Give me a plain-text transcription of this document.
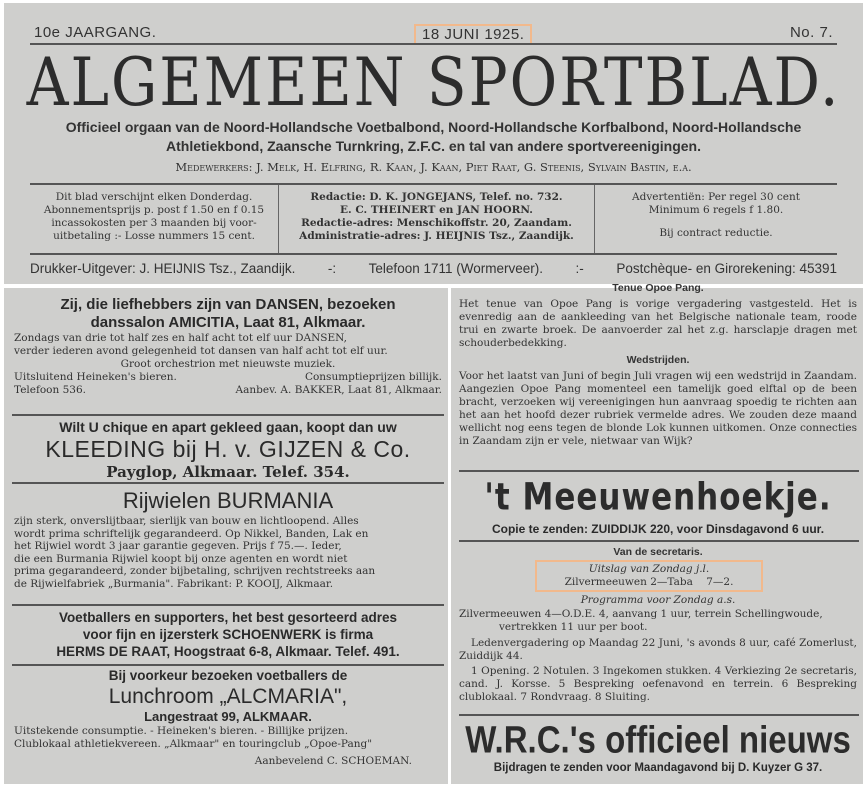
10e JAARGANG.	18 JUNI 1925.	No. 7.
ALGEMEEN SPORTBLAD.
Officieel orgaan van de Noord-Hollandsche Voetbalbond, Noord-Hollandsche Korfbalbond, Noord-Hollandsche
Athletiekbond, Zaansche Turnkring, Z.F.C. en tal van andere sportvereenigingen.
Medewerkers: J. Melk, H. Elfring, R. Kaan, J. Kaan, Piet Raat, G. Steenis, Sylvain Bastin, e.a.
Dit blad verschijnt elken Donderdag.
Abonnementsprijs p. post f 1.50 en f 0.15
incassokosten per 3 maanden bij voor-
uitbetaling :- Losse nummers 15 cent.
Redactie: D. K. JONGEJANS, Telef. no. 732.
E. C. THEINERT en JAN HOORN.
Redactie-adres: Menschikoffstr. 20, Zaandam.
Administratie-adres: J. HEIJNIS Tsz., Zaandijk.
Advertentiën: Per regel 30 cent
Minimum 6 regels f 1.80.
Bij contract reductie.
Drukker-Uitgever: J. HEIJNIS Tsz., Zaandijk. -: Telefoon 1711 (Wormerveer). :- Postchèque- en Girorekening: 45391
Zij, die liefhebbers zijn van DANSEN, bezoeken
danssalon AMICITIA, Laat 81, Alkmaar.
Zondags van drie tot half zes en half acht tot elf uur DANSEN,
verder iederen avond gelegenheid tot dansen van half acht tot elf uur.
Groot orchestrion met nieuwste muziek.
Uitsluitend Heineken's bieren.	Consumptieprijzen billijk.
Telefoon 536.	Aanbev. A. BAKKER, Laat 81, Alkmaar.
Wilt U chique en apart gekleed gaan, koopt dan uw
KLEEDING bij H. v. GIJZEN & Co.
Payglop, Alkmaar. Telef. 354.
Rijwielen BURMANIA
zijn sterk, onverslijtbaar, sierlijk van bouw en lichtloopend. Alles
wordt prima schriftelijk gegarandeerd. Op Nikkel, Banden, Lak en
het Rijwiel wordt 3 jaar garantie gegeven. Prijs f 75.—. Ieder,
die een Burmania Rijwiel koopt bij onze agenten en wordt niet
prima gegarandeerd, zonder bijbetaling, schrijven rechtstreeks aan
de Rijwielfabriek „Burmania". Fabrikant: P. KOOIJ, Alkmaar.
Voetballers en supporters, het best gesorteerd adres
voor fijn en ijzersterk SCHOENWERK is firma
HERMS DE RAAT, Hoogstraat 6-8, Alkmaar. Telef. 491.
Bij voorkeur bezoeken voetballers de
Lunchroom „ALCMARIA",
Langestraat 99, ALKMAAR.
Uitstekende consumptie. - Heineken's bieren. - Billijke prijzen.
Clublokaal athletiekvereen. „Alkmaar" en touringclub „Opoe-Pang"
Aanbevelend C. SCHOEMAN.
Tenue Opoe Pang.
Het tenue van Opoe Pang is vorige vergadering vastgesteld. Het is evenredig aan de aankleeding van het Belgische nationale team, roode trui en zwarte broek. De aanvoerder zal het z.g. harsclapje dragen met schouderbedekking.
Wedstrijden.
Voor het laatst van Juni of begin Juli vragen wij een wedstrijd in Zaandam. Aangezien Opoe Pang momenteel een tamelijk goed elftal op de been bracht, verzoeken wij vereenigingen hun aanvraag spoedig te richten aan het aan het hoofd dezer rubriek vermelde adres. We zouden deze maand wellicht nog eens tegen de blonde Lok kunnen uitkomen. Onze connecties in Zaandam zijn er vele, nietwaar van Wijk?
't Meeuwenhoekje.
Copie te zenden: ZUIDDIJK 220, voor Dinsdagavond 6 uur.
Van de secretaris.
Uitslag van Zondag j.l.
Zilvermeeuwen 2—Taba 7—2.
Programma voor Zondag a.s.
Zilvermeeuwen 4—O.D.E. 4, aanvang 1 uur, terrein Schellingwoude,
vertrekken 11 uur per boot.
Ledenvergadering op Maandag 22 Juni, 's avonds 8 uur, café Zomerlust, Zuiddijk 44.
1 Opening. 2 Notulen. 3 Ingekomen stukken. 4 Verkiezing 2e secretaris, cand. J. Korsse. 5 Bespreking oefenavond en terrein. 6 Bespreking clublokaal. 7 Rondvraag. 8 Sluiting.
W.R.C.'s officieel nieuws
Bijdragen te zenden voor Maandagavond bij D. Kuyzer G 37.
